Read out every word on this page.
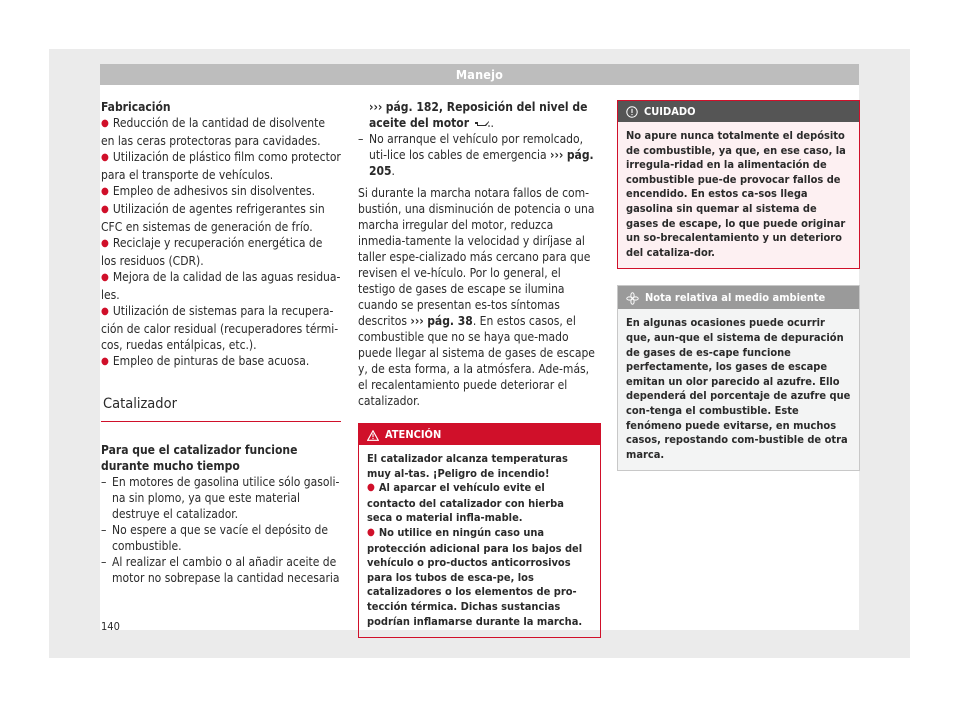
Manejo
Fabricación

● Reducción de la cantidad de disolvente en las ceras protectoras para cavidades.

● Utilización de plástico film como protector para el transporte de vehículos.

● Empleo de adhesivos sin disolventes.

● Utilización de agentes refrigerantes sin CFC en sistemas de generación de frío.

● Reciclaje y recuperación energética de los residuos (CDR).

● Mejora de la calidad de las aguas residua-les.

● Utilización de sistemas para la recupera-ción de calor residual (recuperadores térmi-cos, ruedas entálpicas, etc.).

● Empleo de pinturas de base acuosa.

Catalizador
Para que el catalizador funcione durante mucho tiempo

– En motores de gasolina utilice sólo gasoli-na sin plomo, ya que este material destruye el catalizador.

– No espere a que se vacíe el depósito de combustible.

– Al realizar el cambio o al añadir aceite de motor no sobrepase la cantidad necesaria

››› pág. 182, Reposición del nivel de aceite del motor .

– No arranque el vehículo por remolcado, uti-lice los cables de emergencia ››› pág. 205.

Si durante la marcha notara fallos de com-bustión, una disminución de potencia o una marcha irregular del motor, reduzca inmedia-tamente la velocidad y diríjase al taller espe-cializado más cercano para que revisen el ve-hículo. Por lo general, el testigo de gases de escape se ilumina cuando se presentan es-tos síntomas descritos ››› pág. 38. En estos casos, el combustible que no se haya que-mado puede llegar al sistema de gases de escape y, de esta forma, a la atmósfera. Ade-más, el recalentamiento puede deteriorar el catalizador.

ATENCIÓN
El catalizador alcanza temperaturas muy al-tas. ¡Peligro de incendio!
● Al aparcar el vehículo evite el contacto del catalizador con hierba seca o material infla-mable.
● No utilice en ningún caso una protección adicional para los bajos del vehículo o pro-ductos anticorrosivos para los tubos de esca-pe, los catalizadores o los elementos de pro-tección térmica. Dichas sustancias podrían inflamarse durante la marcha.
CUIDADO
No apure nunca totalmente el depósito de combustible, ya que, en ese caso, la irregula-ridad en la alimentación de combustible pue-de provocar fallos de encendido. En estos ca-sos llega gasolina sin quemar al sistema de gases de escape, lo que puede originar un so-brecalentamiento y un deterioro del cataliza-dor.
Nota relativa al medio ambiente
En algunas ocasiones puede ocurrir que, aun-que el sistema de depuración de gases de es-cape funcione perfectamente, los gases de escape emitan un olor parecido al azufre. Ello dependerá del porcentaje de azufre que con-tenga el combustible. Este fenómeno puede evitarse, en muchos casos, repostando com-bustible de otra marca.
140
